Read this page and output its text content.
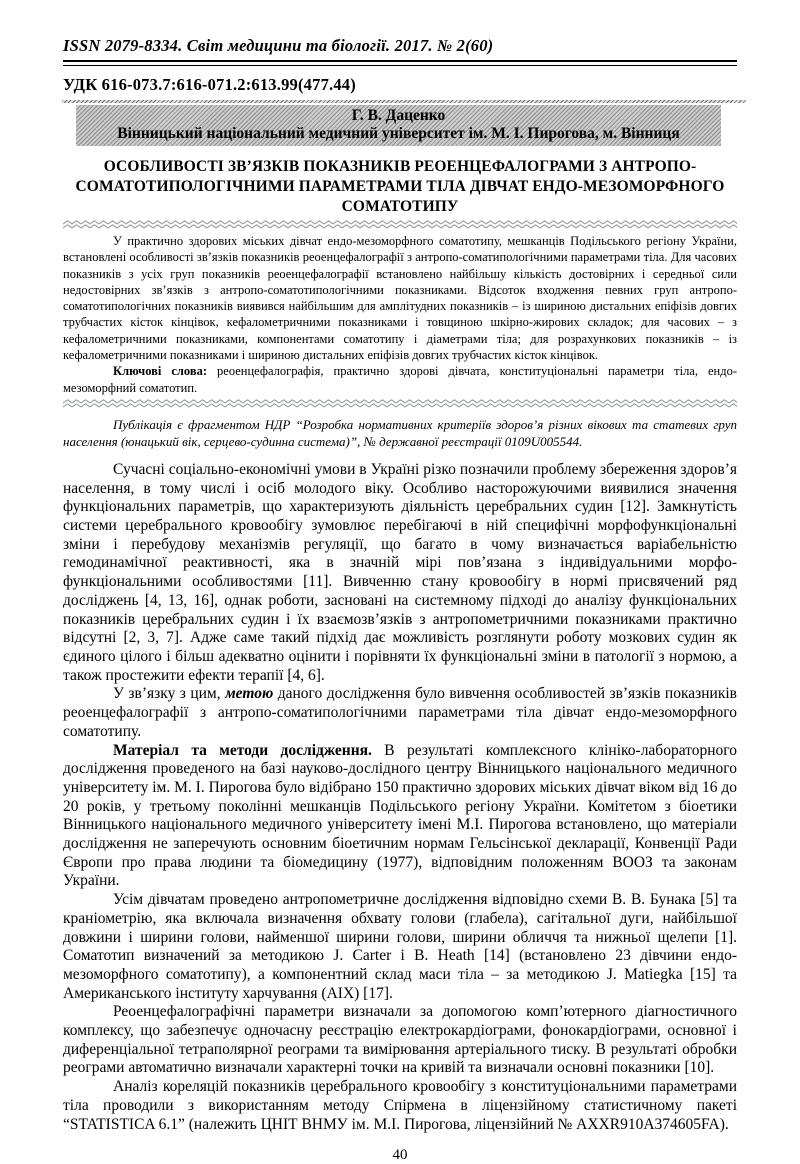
ISSN 2079-8334. Світ медицини та біології. 2017. № 2(60)
УДК 616-073.7:616-071.2:613.99(477.44)
Г. В. Даценко
Вінницький національний медичний університет ім. М. І. Пирогова, м. Вінниця
ОСОБЛИВОСТІ ЗВ’ЯЗКІВ ПОКАЗНИКІВ РЕОЕНЦЕФАЛОГРАМИ З АНТРОПО-СОМАТОТИПОЛОГІЧНИМИ ПАРАМЕТРАМИ ТІЛА ДІВЧАТ ЕНДО-МЕЗОМОРФНОГО СОМАТОТИПУ

У практично здорових міських дівчат ендо-мезоморфного соматотипу, мешканців Подільського регіону України, встановлені особливості зв’язків показників реоенцефалографії з антропо-соматипологічними параметрами тіла. Для часових показників з усіх груп показників реоенцефалографії встановлено найбільшу кількість достовірних і середньої сили недостовірних зв’язків з антропо-соматотипологічними показниками. Відсоток входження певних груп антропо-соматотипологічних показників виявився найбільшим для амплітудних показників – із шириною дистальних епіфізів довгих трубчастих кісток кінцівок, кефалометричними показниками і товщиною шкірно-жирових складок; для часових – з кефалометричними показниками, компонентами соматотипу і діаметрами тіла; для розрахункових показників – із кефалометричними показниками і шириною дистальних епіфізів довгих трубчастих кісток кінцівок.

Ключові слова: реоенцефалографія, практично здорові дівчата, конституціональні параметри тіла, ендо-мезоморфний соматотип.

Публікація є фрагментом НДР “Розробка нормативних критеріїв здоров’я різних вікових та статевих груп населення (юнацький вік, серцево-судинна система)”, № державної реєстрації 0109U005544.

Сучасні соціально-економічні умови в Україні різко позначили проблему збереження здоров’я населення, в тому числі і осіб молодого віку. Особливо насторожуючими виявилися значення функціональних параметрів, що характеризують діяльність церебральних судин [12]. Замкнутість системи церебрального кровообігу зумовлює перебігаючі в ній специфічні морфофункціональні зміни і перебудову механізмів регуляції, що багато в чому визначається варіабельністю гемодинамічної реактивності, яка в значній мірі пов’язана з індивідуальними морфо-функціональними особливостями [11]. Вивченню стану кровообігу в нормі присвячений ряд досліджень [4, 13, 16], однак роботи, засновані на системному підході до аналізу функціональних показників церебральних судин і їх взаємозв’язків з антропометричними показниками практично відсутні [2, 3, 7]. Адже саме такий підхід дає можливість розглянути роботу мозкових судин як єдиного цілого і більш адекватно оцінити і порівняти їх функціональні зміни в патології з нормою, а також простежити ефекти терапії [4, 6].

У зв’язку з цим, метою даного дослідження було вивчення особливостей зв’язків показників реоенцефалографії з антропо-соматипологічними параметрами тіла дівчат ендо-мезоморфного соматотипу.

Матеріал та методи дослідження. В результаті комплексного клініко-лабораторного дослідження проведеного на базі науково-дослідного центру Вінницького національного медичного університету ім. М. І. Пирогова було відібрано 150 практично здорових міських дівчат віком від 16 до 20 років, у третьому поколінні мешканців Подільського регіону України. Комітетом з біоетики Вінницького національного медичного університету імені М.І. Пирогова встановлено, що матеріали дослідження не заперечують основним біоетичним нормам Гельсінської декларації, Конвенції Ради Європи про права людини та біомедицину (1977), відповідним положенням ВООЗ та законам України.

Усім дівчатам проведено антропометричне дослідження відповідно схеми В. В. Бунака [5] та краніометрію, яка включала визначення обхвату голови (глабела), сагітальної дуги, найбільшої довжини і ширини голови, найменшої ширини голови, ширини обличчя та нижньої щелепи [1]. Соматотип визначений за методикою J. Carter і B. Heath [14] (встановлено 23 дівчини ендо-мезоморфного соматотипу), а компонентний склад маси тіла – за методикою J. Matiegka [15] та Американського інституту харчування (АІХ) [17].

Реоенцефалографічні параметри визначали за допомогою комп’ютерного діагностичного комплексу, що забезпечує одночасну реєстрацію електрокардіограми, фонокардіограми, основної і диференціальної тетраполярної реограми та вимірювання артеріального тиску. В результаті обробки реограми автоматично визначали характерні точки на кривій та визначали основні показники [10].

Аналіз кореляцій показників церебрального кровообігу з конституціональними параметрами тіла проводили з використанням методу Спірмена в ліцензійному статистичному пакеті “STATISTICA 6.1” (належить ЦНІТ ВНМУ ім. М.І. Пирогова, ліцензійний № AXXR910A374605FA).

40
